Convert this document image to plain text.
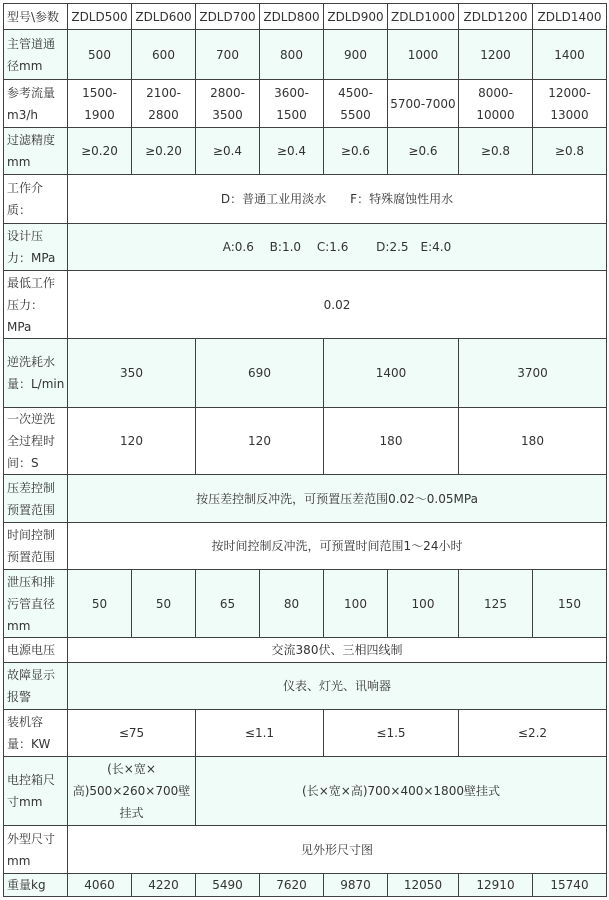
型号\参数	ZDLD500	ZDLD600	ZDLD700	ZDLD800	ZDLD900	ZDLD1000	ZDLD1200	ZDLD1400
主管道通径mm	500	600	700	800	900	1000	1200	1400
参考流量m3/h	1500-1900	2100-2800	2800-3500	3600-1500	4500-5500	5700-7000	8000-10000	12000-13000
过滤精度mm	≥0.20	≥0.20	≥0.4	≥0.4	≥0.6	≥0.6	≥0.8	≥0.8
工作介质：	D：普通工业用淡水　　F：特殊腐蚀性用水							
设计压力：MPa	A:0.6　 B:1.0　 C:1.6　　 D:2.5　E:4.0							
最低工作压力：MPa	0.02							
逆洗耗水量：L/min	350		690		1400		3700	
一次逆洗全过程时间：S	120		120		180		180	
压差控制预置范围	按压差控制反冲洗，可预置压差范围0.02～0.05MPa							
时间控制预置范围	按时间控制反冲洗，可预置时间范围1～24小时							
泄压和排污管直径mm	50	50	65	80	100	100	125	150
电源电压	交流380伏、三相四线制							
故障显示报警	仪表、灯光、讯响器							
装机容量：KW	≤75		≤1.1		≤1.5		≤2.2	
电控箱尺寸mm	(长×宽×高)500×260×700壁挂式		(长×宽×高)700×400×1800壁挂式					
外型尺寸mm	见外形尺寸图							
重量kg	4060	4220	5490	7620	9870	12050	12910	15740
